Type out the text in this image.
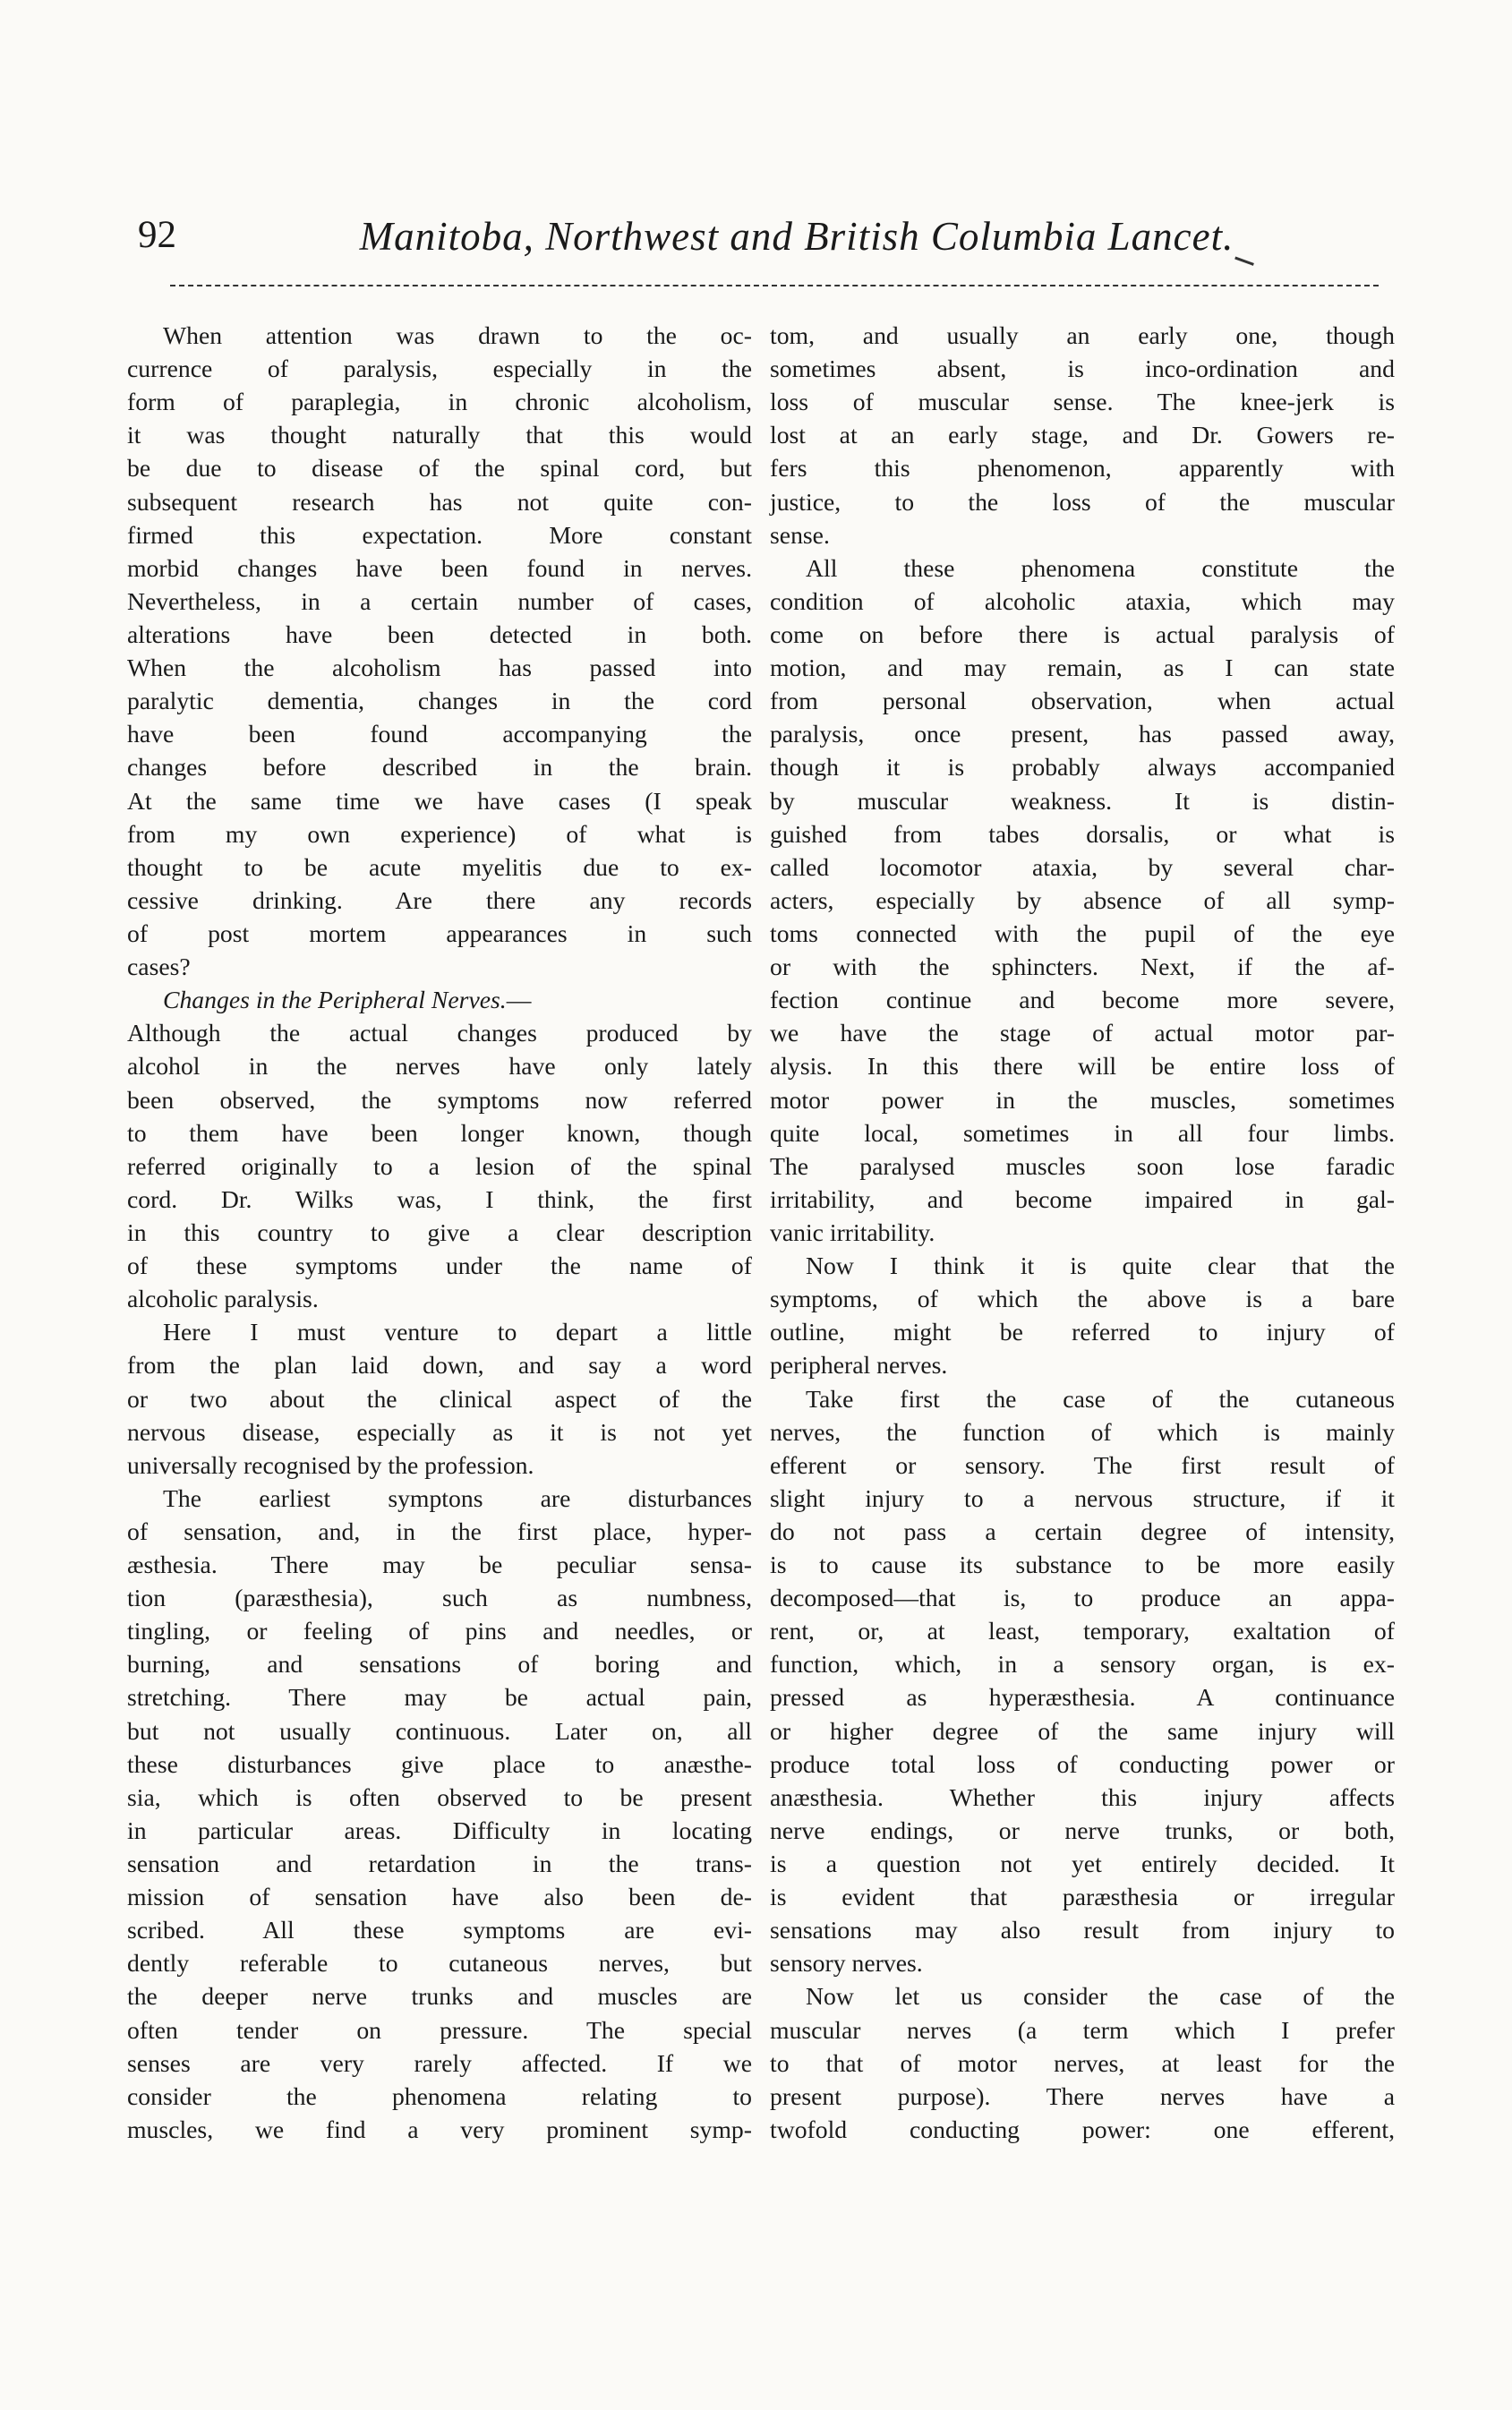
92	Manitoba, Northwest and British Columbia Lancet.
When attention was drawn to the oc-
currence of paralysis, especially in the
form of paraplegia, in chronic alcoholism,
it was thought naturally that this would
be due to disease of the spinal cord, but
subsequent research has not quite con-
firmed this expectation. More constant
morbid changes have been found in nerves.
Nevertheless, in a certain number of cases,
alterations have been detected in both.
When the alcoholism has passed into
paralytic dementia, changes in the cord
have been found accompanying the
changes before described in the brain.
At the same time we have cases (I speak
from my own experience) of what is
thought to be acute myelitis due to ex-
cessive drinking. Are there any records
of post mortem appearances in such
cases?
Changes in the Peripheral Nerves.—
Although the actual changes produced by
alcohol in the nerves have only lately
been observed, the symptoms now referred
to them have been longer known, though
referred originally to a lesion of the spinal
cord. Dr. Wilks was, I think, the first
in this country to give a clear description
of these symptoms under the name of
alcoholic paralysis.
Here I must venture to depart a little
from the plan laid down, and say a word
or two about the clinical aspect of the
nervous disease, especially as it is not yet
universally recognised by the profession.
The earliest symptons are disturbances
of sensation, and, in the first place, hyper-
æsthesia. There may be peculiar sensa-
tion (paræsthesia), such as numbness,
tingling, or feeling of pins and needles, or
burning, and sensations of boring and
stretching. There may be actual pain,
but not usually continuous. Later on, all
these disturbances give place to anæsthe-
sia, which is often observed to be present
in particular areas. Difficulty in locating
sensation and retardation in the trans-
mission of sensation have also been de-
scribed. All these symptoms are evi-
dently referable to cutaneous nerves, but
the deeper nerve trunks and muscles are
often tender on pressure. The special
senses are very rarely affected. If we
consider the phenomena relating to
muscles, we find a very prominent symp-
tom, and usually an early one, though
sometimes absent, is inco-ordination and
loss of muscular sense. The knee-jerk is
lost at an early stage, and Dr. Gowers re-
fers this phenomenon, apparently with
justice, to the loss of the muscular
sense.
All these phenomena constitute the
condition of alcoholic ataxia, which may
come on before there is actual paralysis of
motion, and may remain, as I can state
from personal observation, when actual
paralysis, once present, has passed away,
though it is probably always accompanied
by muscular weakness. It is distin-
guished from tabes dorsalis, or what is
called locomotor ataxia, by several char-
acters, especially by absence of all symp-
toms connected with the pupil of the eye
or with the sphincters. Next, if the af-
fection continue and become more severe,
we have the stage of actual motor par-
alysis. In this there will be entire loss of
motor power in the muscles, sometimes
quite local, sometimes in all four limbs.
The paralysed muscles soon lose faradic
irritability, and become impaired in gal-
vanic irritability.
Now I think it is quite clear that the
symptoms, of which the above is a bare
outline, might be referred to injury of
peripheral nerves.
Take first the case of the cutaneous
nerves, the function of which is mainly
efferent or sensory. The first result of
slight injury to a nervous structure, if it
do not pass a certain degree of intensity,
is to cause its substance to be more easily
decomposed—that is, to produce an appa-
rent, or, at least, temporary, exaltation of
function, which, in a sensory organ, is ex-
pressed as hyperæsthesia. A continuance
or higher degree of the same injury will
produce total loss of conducting power or
anæsthesia. Whether this injury affects
nerve endings, or nerve trunks, or both,
is a question not yet entirely decided. It
is evident that paræsthesia or irregular
sensations may also result from injury to
sensory nerves.
Now let us consider the case of the
muscular nerves (a term which I prefer
to that of motor nerves, at least for the
present purpose). There nerves have a
twofold conducting power: one efferent,
